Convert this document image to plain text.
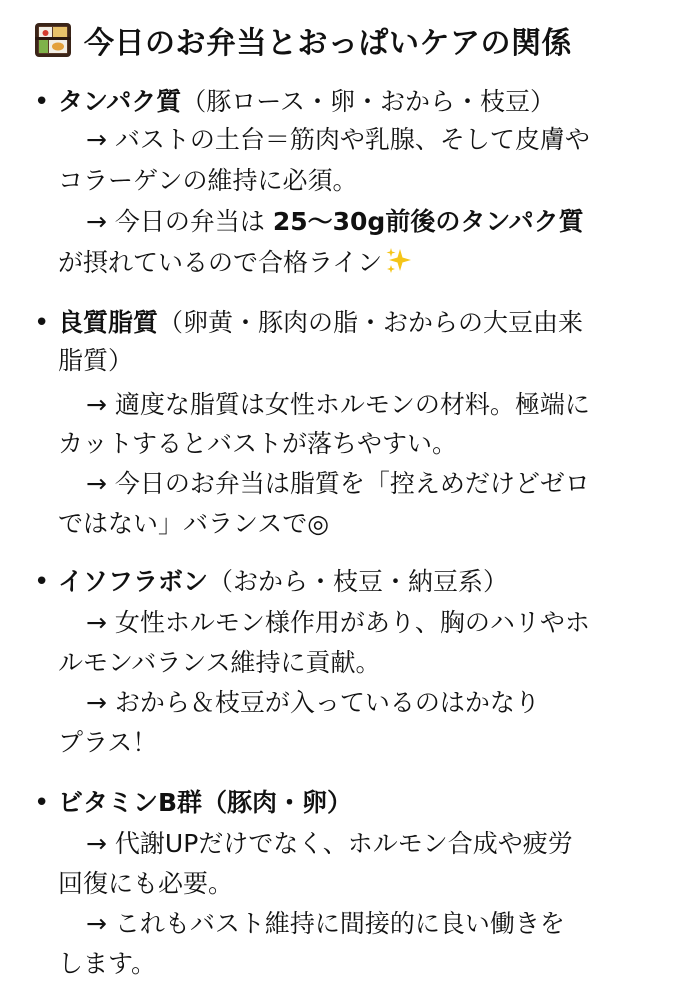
今日のお弁当とおっぱいケアの関係
• タンパク質（豚ロース・卵・おから・枝豆）
→ バストの土台＝筋肉や乳腺、そして皮膚や
コラーゲンの維持に必須。
→ 今日の弁当は 25〜30g前後のタンパク質
が摂れているので合格ライン
• 良質脂質（卵黄・豚肉の脂・おからの大豆由来
脂質）
→ 適度な脂質は女性ホルモンの材料。極端に
カットするとバストが落ちやすい。
→ 今日のお弁当は脂質を「控えめだけどゼロ
ではない」バランスで◎
• イソフラボン（おから・枝豆・納豆系）
→ 女性ホルモン様作用があり、胸のハリやホ
ルモンバランス維持に貢献。
→ おから＆枝豆が入っているのはかなり
プラス！
• ビタミンB群（豚肉・卵）
→ 代謝UPだけでなく、ホルモン合成や疲労
回復にも必要。
→ これもバスト維持に間接的に良い働きを
します。
